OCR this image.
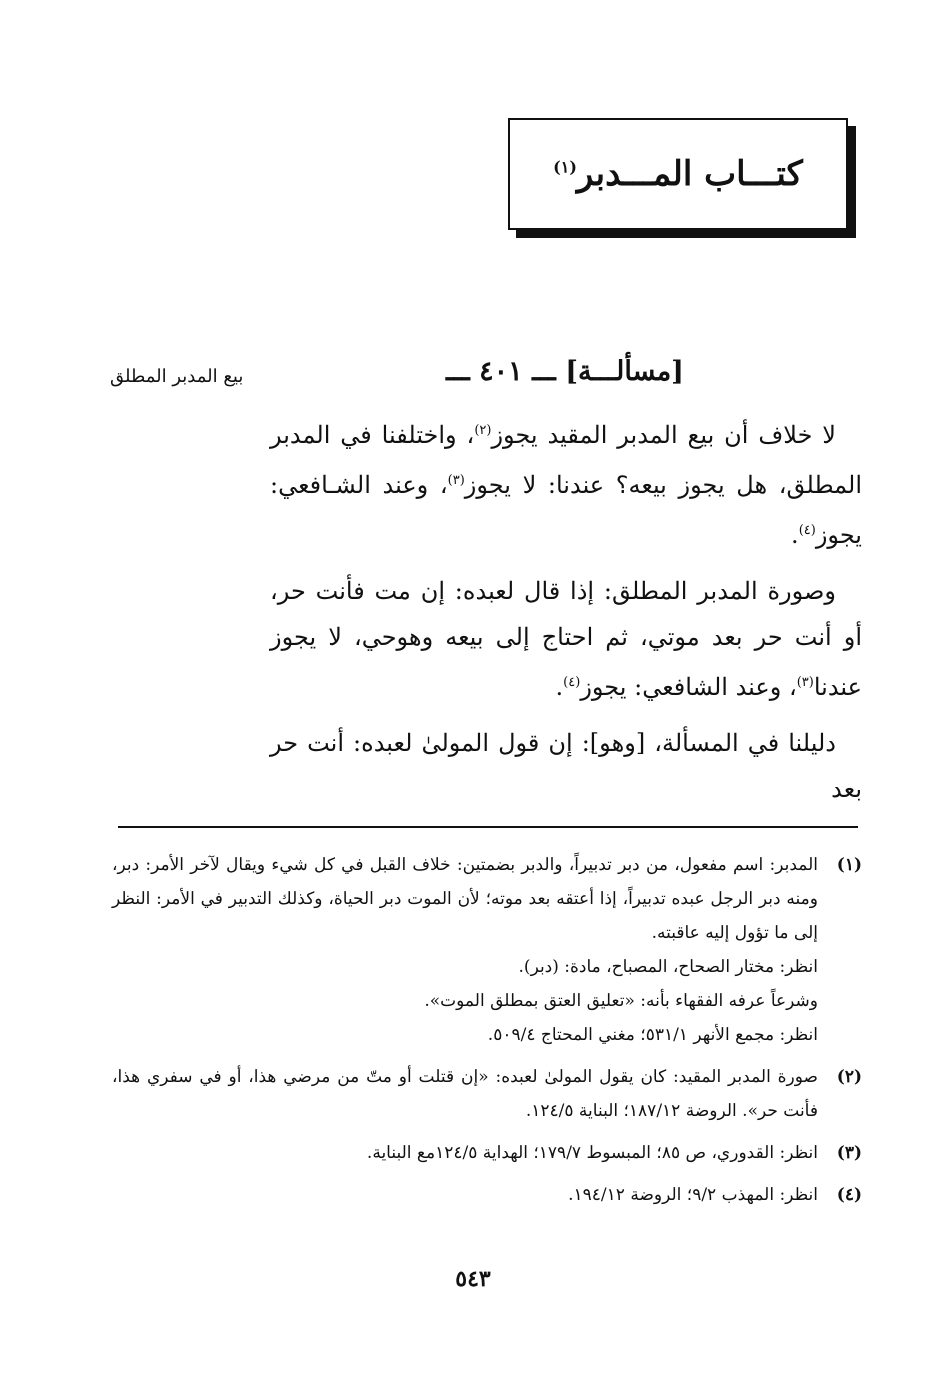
كتـــاب المـــدبر$^{(١)}$
بيع المدبر المطلق	[مسألـــة] ـــ ٤٠١ ـــ

لا خلاف أن بيع المدبر المقيد يجوز$^{(٢)}$، واختلفنا في المدبر المطلق، هل يجوز بيعه؟ عندنا: لا يجوز$^{(٣)}$، وعند الشـافعي: يجوز$^{(٤)}$.

وصورة المدبر المطلق: إذا قال لعبده: إن مت فأنت حر، أو أنت حر بعد موتي، ثم احتاج إلى بيعه وهوحي، لا يجوز عندنا$^{(٣)}$، وعند الشافعي: يجوز$^{(٤)}$.

دليلنا في المسألة، [وهو]: إن قول المولىٰ لعبده: أنت حر بعد

(١)
المدبر: اسم مفعول، من دبر تدبيراً، والدبر بضمتين: خلاف القبل في كل شيء ويقال لآخر الأمر: دبر، ومنه دبر الرجل عبده تدبيراً، إذا أعتقه بعد موته؛ لأن الموت دبر الحياة، وكذلك التدبير في الأمر: النظر إلى ما تؤول إليه عاقبته.
انظر: مختار الصحاح، المصباح، مادة: (دبر).
وشرعاً عرفه الفقهاء بأنه: «تعليق العتق بمطلق الموت».
انظر: مجمع الأنهر ٥٣١/١؛ مغني المحتاج ٥٠٩/٤.
(٢)
صورة المدبر المقيد: كان يقول المولىٰ لعبده: «إن قتلت أو متّ من مرضي هذا، أو في سفري هذا، فأنت حر». الروضة ١٨٧/١٢؛ البناية ١٢٤/٥.
(٣)
انظر: القدوري، ص ٨٥؛ المبسوط ١٧٩/٧؛ الهداية ١٢٤/٥مع البناية.
(٤)
انظر: المهذب ٩/٢؛ الروضة ١٩٤/١٢.
٥٤٣
